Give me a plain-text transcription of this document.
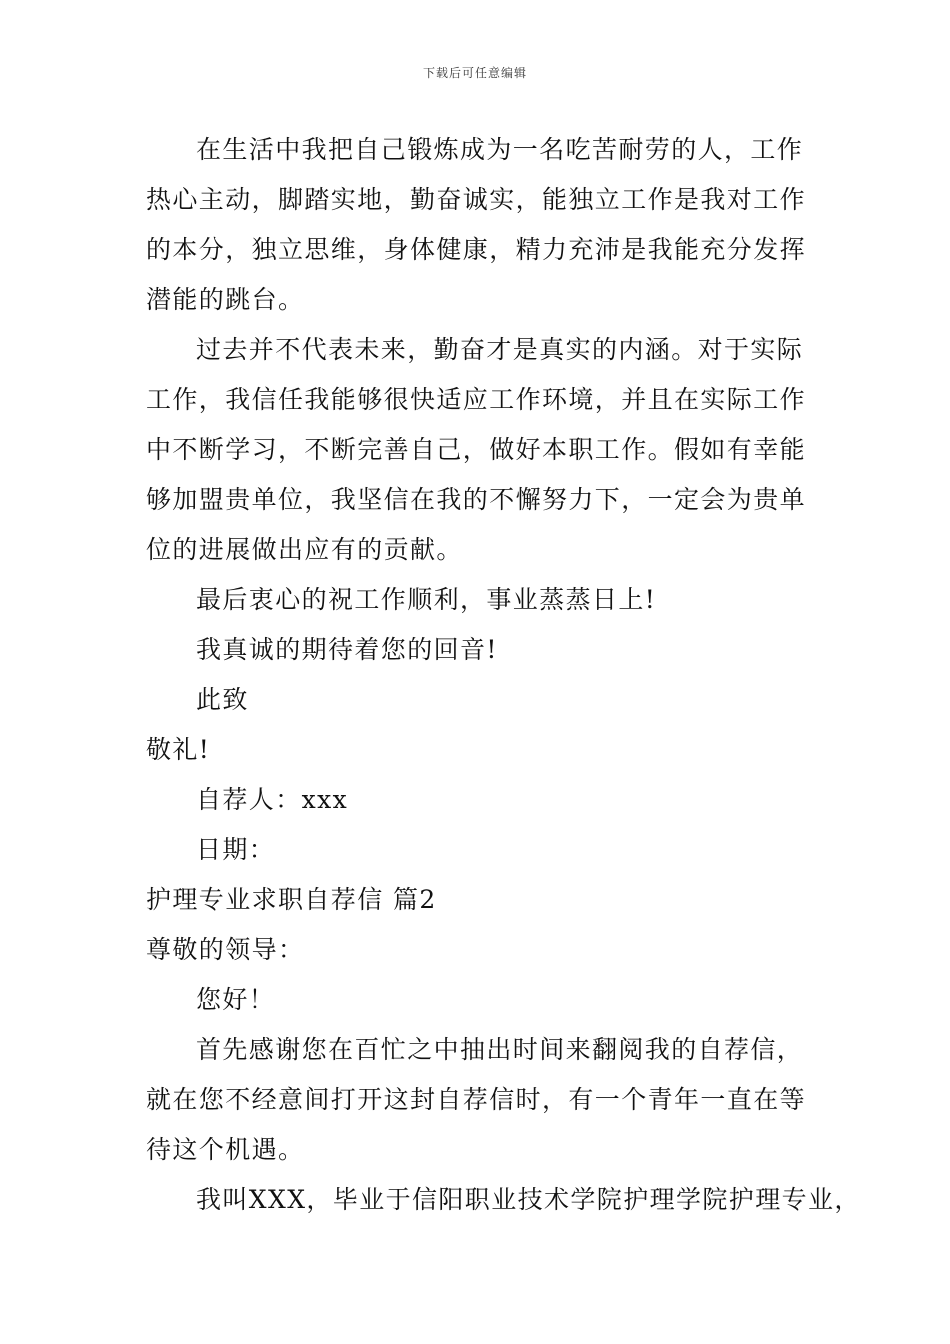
下载后可任意编辑
在生活中我把自己锻炼成为一名吃苦耐劳的人，工作
热心主动，脚踏实地，勤奋诚实，能独立工作是我对工作
的本分，独立思维，身体健康，精力充沛是我能充分发挥
潜能的跳台。
过去并不代表未来，勤奋才是真实的内涵。对于实际
工作，我信任我能够很快适应工作环境，并且在实际工作
中不断学习，不断完善自己，做好本职工作。假如有幸能
够加盟贵单位，我坚信在我的不懈努力下，一定会为贵单
位的进展做出应有的贡献。
最后衷心的祝工作顺利，事业蒸蒸日上!
我真诚的期待着您的回音!
此致
敬礼!
自荐人：xxx
日期：
护理专业求职自荐信 篇2
尊敬的领导：
您好！
首先感谢您在百忙之中抽出时间来翻阅我的自荐信，
就在您不经意间打开这封自荐信时，有一个青年一直在等
待这个机遇。
我叫XXX，毕业于信阳职业技术学院护理学院护理专业，
